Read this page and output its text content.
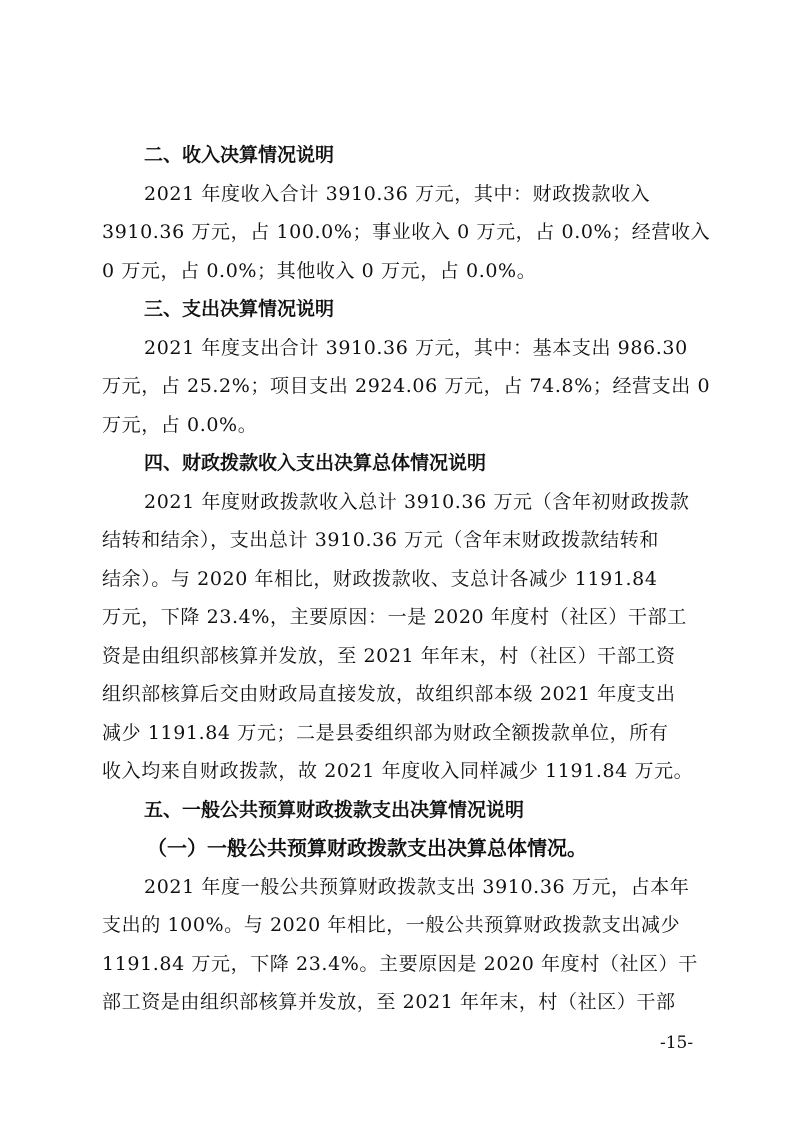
二、收入决算情况说明

2021 年度收入合计 3910.36 万元，其中：财政拨款收入
3910.36 万元，占 100.0%；事业收入 0 万元，占 0.0%；经营收入
0 万元，占 0.0%；其他收入 0 万元，占 0.0%。

三、支出决算情况说明

2021 年度支出合计 3910.36 万元，其中：基本支出 986.30
万元，占 25.2%；项目支出 2924.06 万元，占 74.8%；经营支出 0
万元，占 0.0%。

四、财政拨款收入支出决算总体情况说明

2021 年度财政拨款收入总计 3910.36 万元（含年初财政拨款
结转和结余），支出总计 3910.36 万元（含年末财政拨款结转和
结余）。与 2020 年相比，财政拨款收、支总计各减少 1191.84
万元，下降 23.4%，主要原因：一是 2020 年度村（社区）干部工
资是由组织部核算并发放，至 2021 年年末，村（社区）干部工资
组织部核算后交由财政局直接发放，故组织部本级 2021 年度支出
减少 1191.84 万元；二是县委组织部为财政全额拨款单位，所有
收入均来自财政拨款，故 2021 年度收入同样减少 1191.84 万元。

五、一般公共预算财政拨款支出决算情况说明
（一）一般公共预算财政拨款支出决算总体情况。

2021 年度一般公共预算财政拨款支出 3910.36 万元，占本年
支出的 100%。与 2020 年相比，一般公共预算财政拨款支出减少
1191.84 万元，下降 23.4%。主要原因是 2020 年度村（社区）干
部工资是由组织部核算并发放，至 2021 年年末，村（社区）干部

-15-
